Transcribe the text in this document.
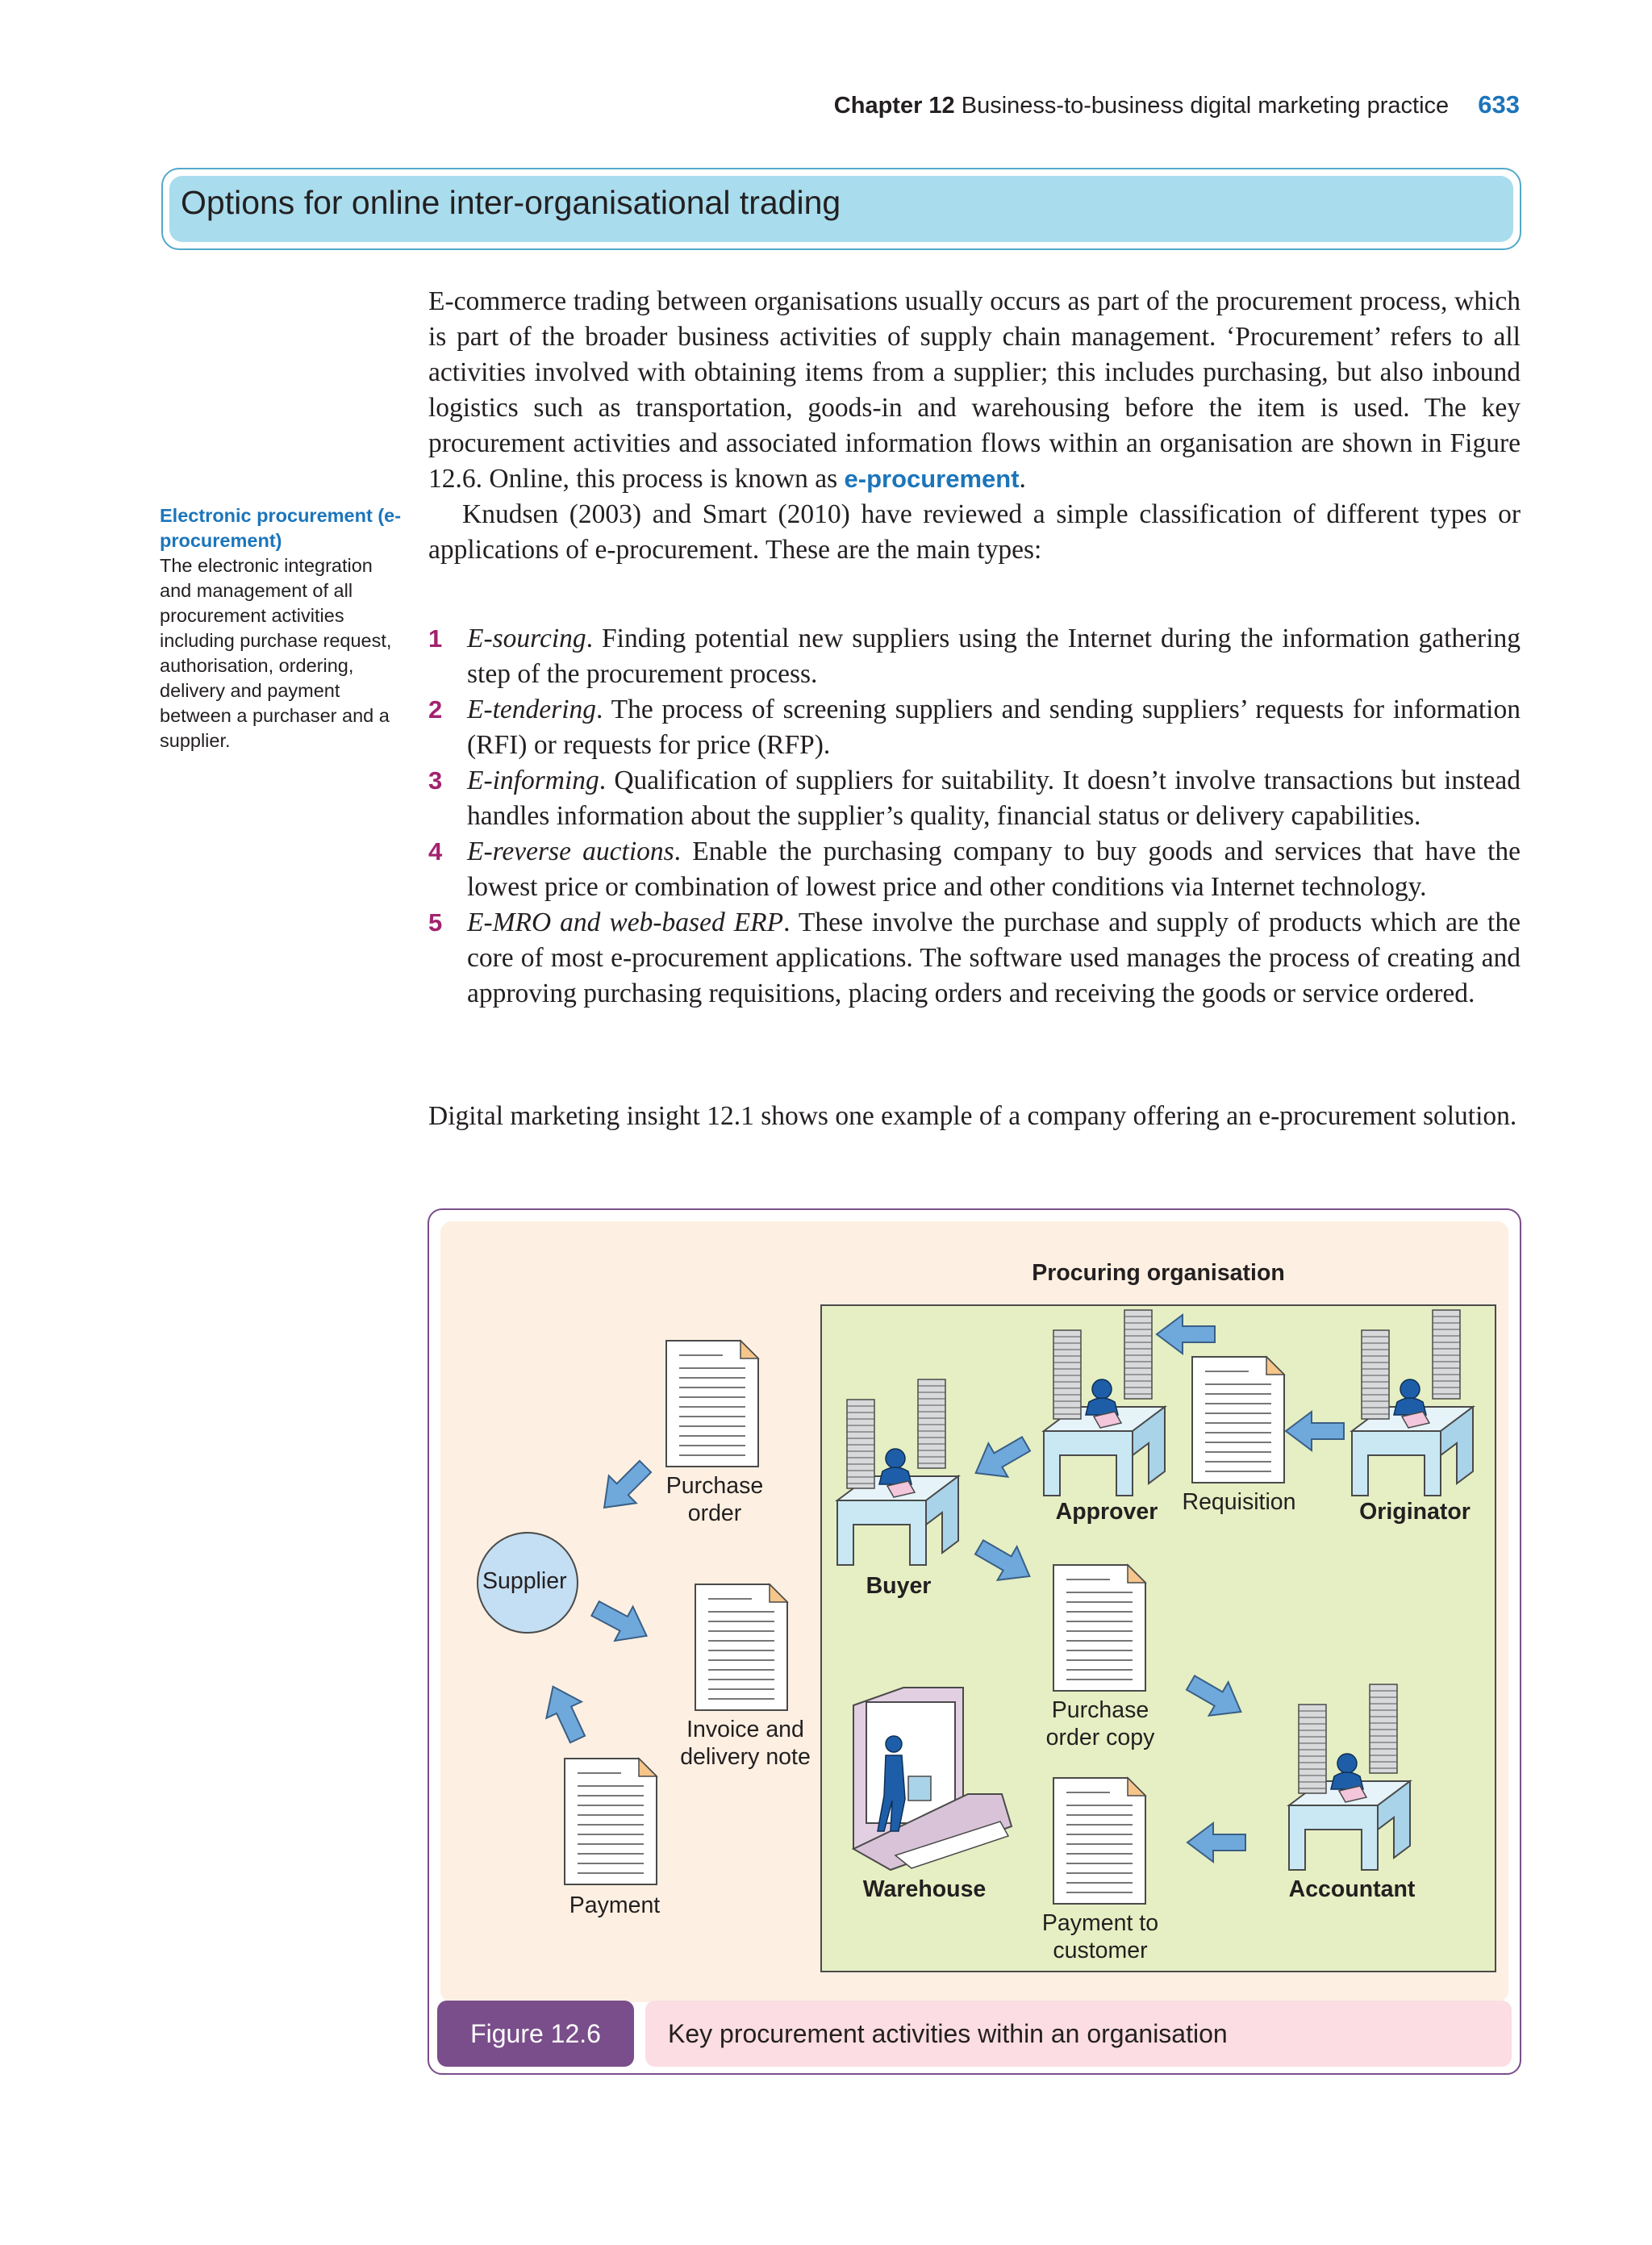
Chapter 12 Business-to-business digital marketing practice 633
Options for online inter-organisational trading
Electronic procurement (e-procurement)
The electronic integration and management of all procurement activities including purchase request, authorisation, ordering, delivery and payment between a purchaser and a supplier.

E-commerce trading between organisations usually occurs as part of the procurement process, which is part of the broader business activities of supply chain management. ‘Procurement’ refers to all activities involved with obtaining items from a supplier; this includes purchasing, but also inbound logistics such as transportation, goods-in and warehousing before the item is used. The key procurement activities and associated information flows within an organisation are shown in Figure 12.6. Online, this process is known as e-procurement.

Knudsen (2003) and Smart (2010) have reviewed a simple classification of different types or applications of e-procurement. These are the main types:

1 E-sourcing. Finding potential new suppliers using the Internet during the information gathering step of the procurement process.
2 E-tendering. The process of screening suppliers and sending suppliers’ requests for information (RFI) or requests for price (RFP).
3 E-informing. Qualification of suppliers for suitability. It doesn’t involve transactions but instead handles information about the supplier’s quality, financial status or delivery capabilities.
4 E-reverse auctions. Enable the purchasing company to buy goods and services that have the lowest price or combination of lowest price and other conditions via Internet technology.
5 E-MRO and web-based ERP. These involve the purchase and supply of products which are the core of most e-procurement applications. The software used manages the process of creating and approving purchasing requisitions, placing orders and receiving the goods or service ordered.

Digital marketing insight 12.1 shows one example of a company offering an e-procurement solution.

Procuring organisation
Supplier
Purchase
order
Invoice and
delivery note
Payment
Requisition
Purchase
order copy
Payment to
customer
Approver	Originator
Buyer
Warehouse	Accountant
Figure 12.6	Key procurement activities within an organisation
